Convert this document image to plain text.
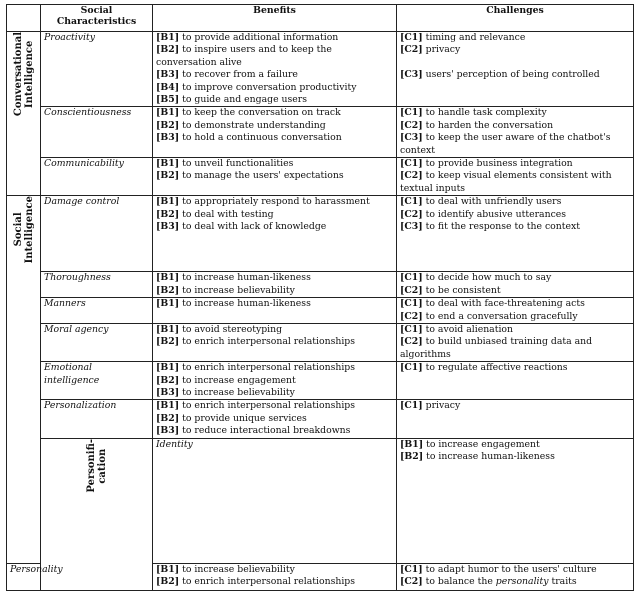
	Social
Characteristics	Benefits	Challenges	
Conversational
Intelligence	Proactivity	[B1] to provide additional information
[B2] to inspire users and to keep the conversation alive
[B3] to recover from a failure
[B4] to improve conversation productivity
[B5] to guide and engage users	[C1] timing and relevance
[C2] privacy
[C3] users' perception of being controlled	

	Conscientiousness	[B1] to keep the conversation on track
[B2] to demonstrate understanding
[B3] to hold a continuous conversation	[C1] to handle task complexity
[C2] to harden the conversation
[C3] to keep the user aware of the chatbot's context	

	Communicability	[B1] to unveil functionalities
[B2] to manage the users' expectations	[C1] to provide business integration
[C2] to keep visual elements consistent with textual inputs	

Social
Intelligence	Damage control	[B1] to appropriately respond to harassment
[B2] to deal with testing
[B3] to deal with lack of knowledge	[C1] to deal with unfriendly users
[C2] to identify abusive utterances
[C3] to fit the response to the context	

	Thoroughness	[B1] to increase human-likeness
[B2] to increase believability	[C1] to decide how much to say
[C2] to be consistent	

	Manners	[B1] to increase human-likeness	[C1] to deal with face-threatening acts
[C2] to end a conversation gracefully	

	Moral agency	[B1] to avoid stereotyping
[B2] to enrich interpersonal relationships	[C1] to avoid alienation
[C2] to build unbiased training data and algorithms	

	Emotional intelligence	[B1] to enrich interpersonal relationships
[B2] to increase engagement
[B3] to increase believability	[C1] to regulate affective reactions	

	Personalization	[B1] to enrich interpersonal relationships
[B2] to provide unique services
[B3] to reduce interactional breakdowns	[C1] privacy	

	Personifi-
cation	Identity	[B1] to increase engagement
[B2] to increase human-likeness

Personality		[B1] to increase believability
[B2] to enrich interpersonal relationships	[C1] to adapt humor to the users' culture
[C2] to balance the personality traits	
